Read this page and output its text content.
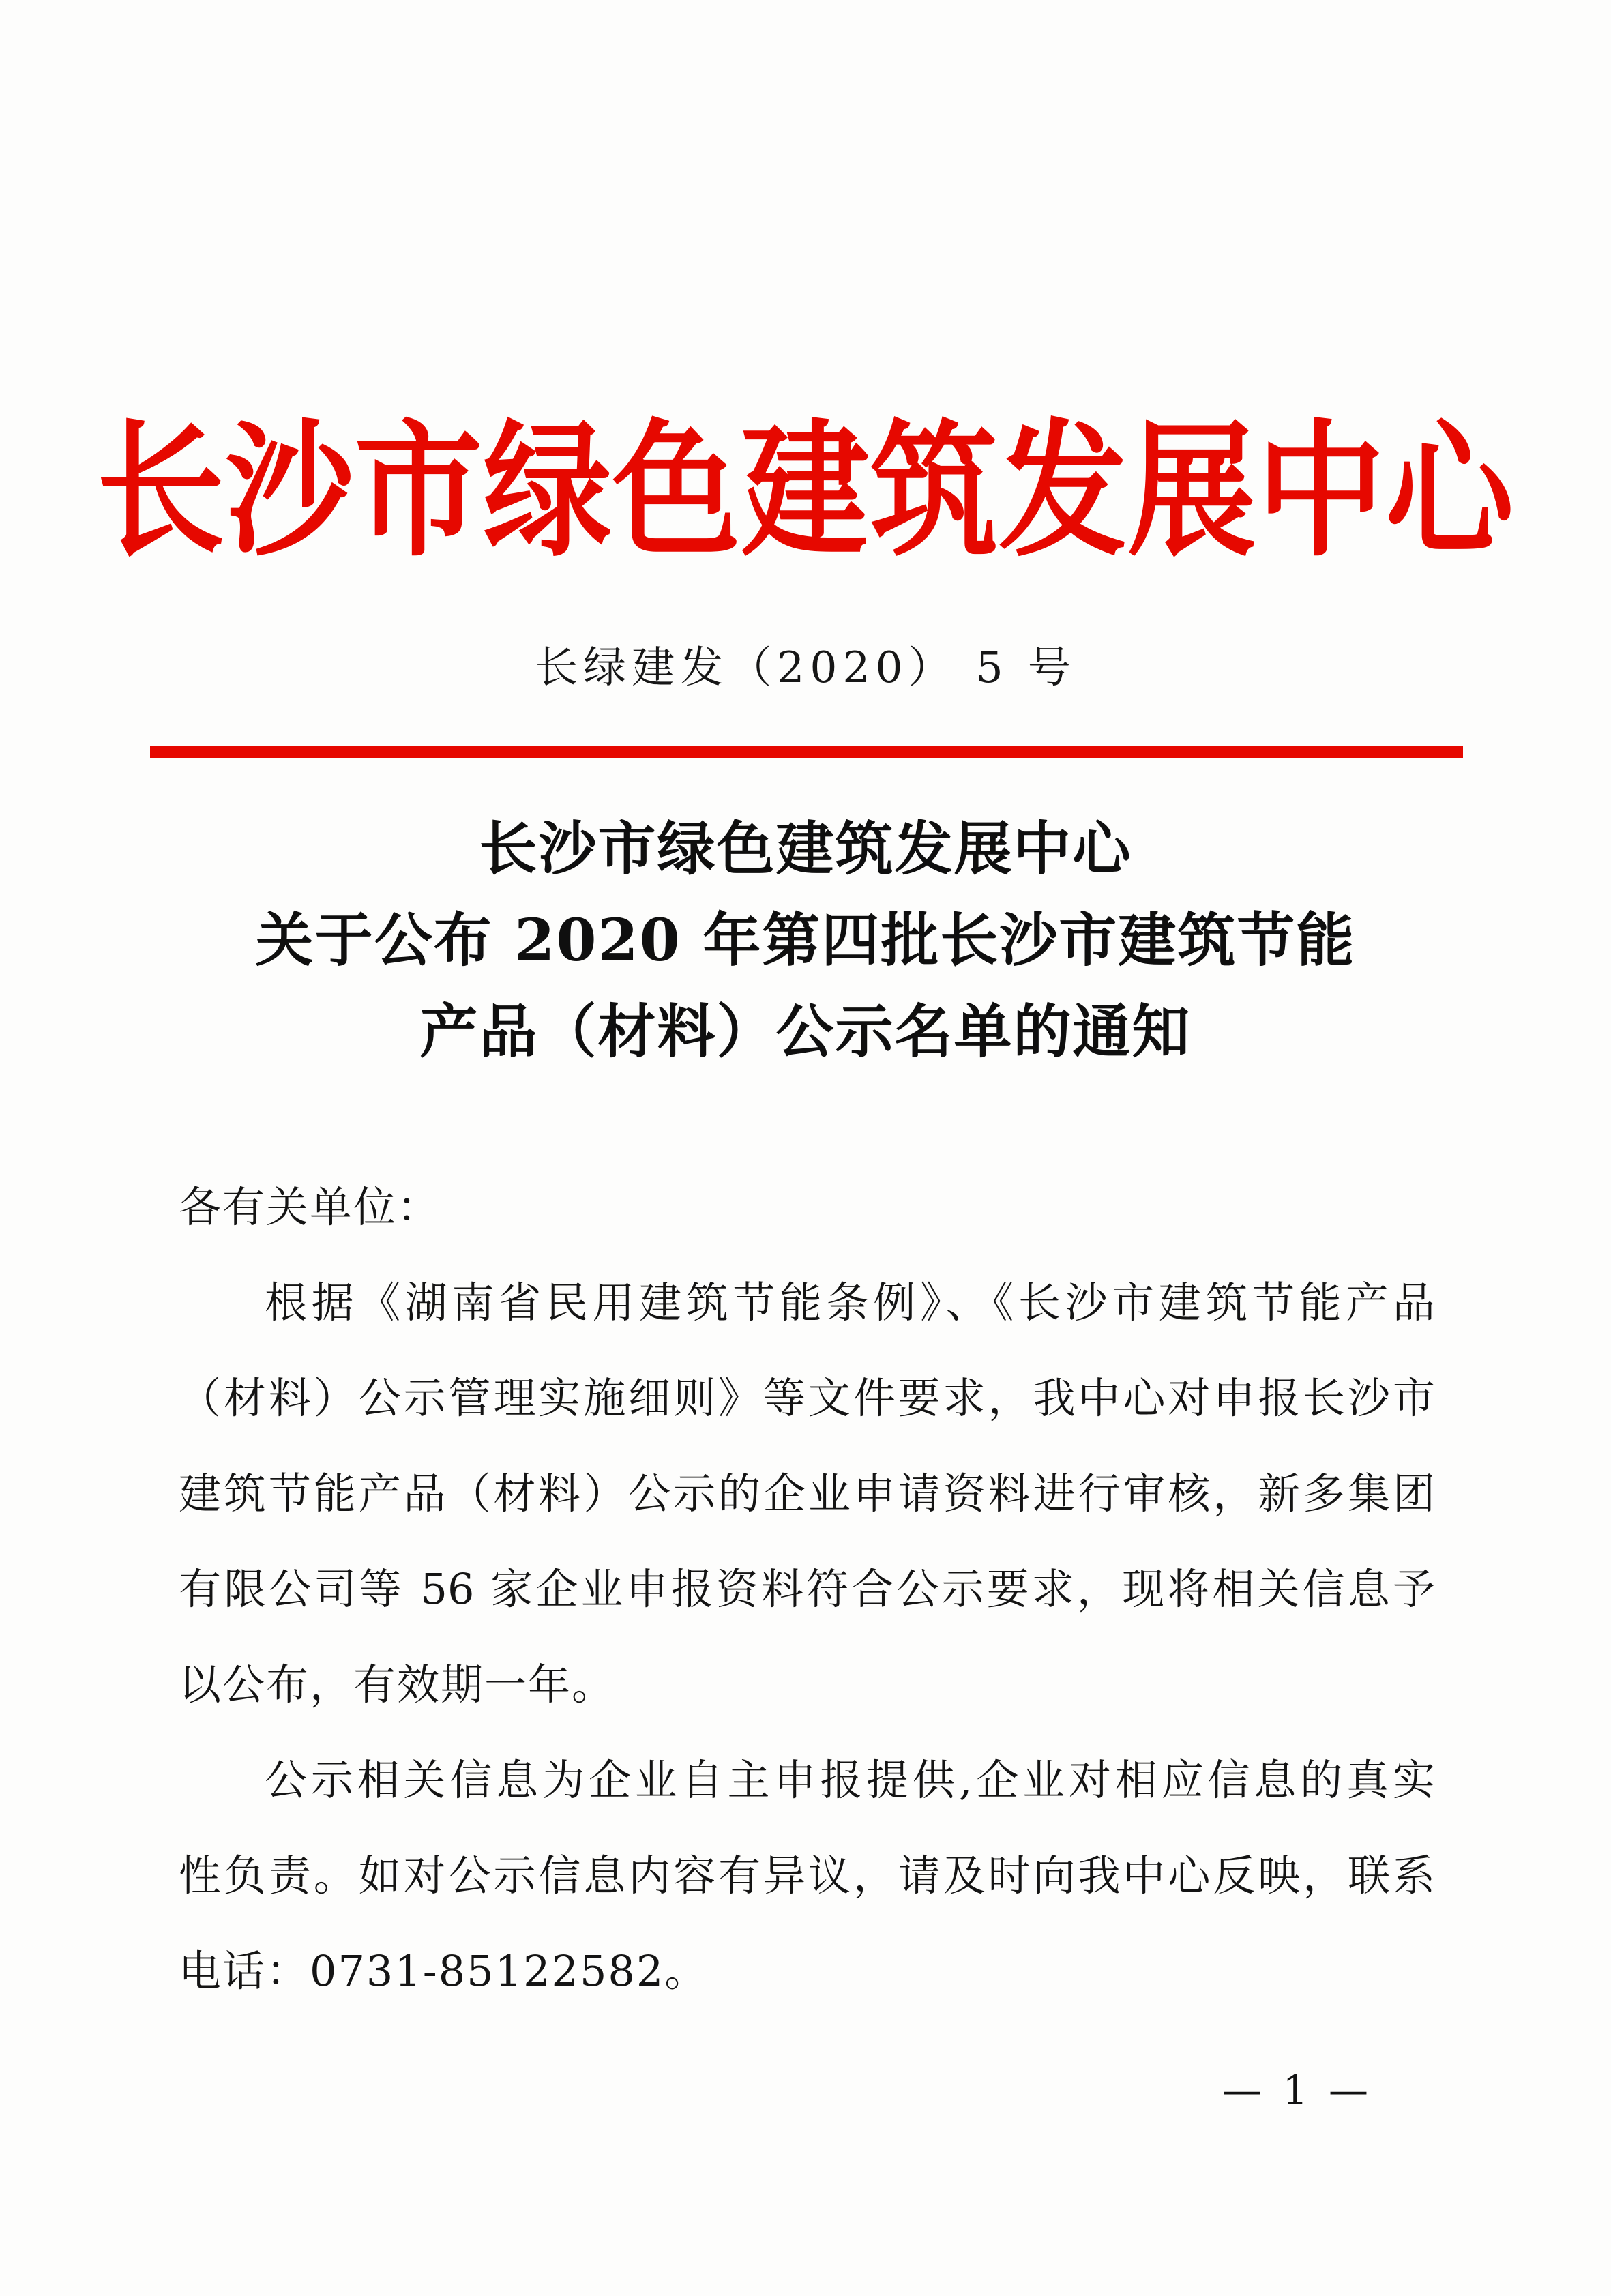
长沙市绿色建筑发展中心
长绿建发（2020） 5 号
长沙市绿色建筑发展中心
关于公布 2020 年第四批长沙市建筑节能
产品（材料）公示名单的通知
各有关单位：
根据《湖南省民用建筑节能条例》、《长沙市建筑节能产品
（材料）公示管理实施细则》等文件要求，我中心对申报长沙市
建筑节能产品（材料）公示的企业申请资料进行审核，新多集团
有限公司等 56 家企业申报资料符合公示要求，现将相关信息予
以公布，有效期一年。
公示相关信息为企业自主申报提供,企业对相应信息的真实
性负责。如对公示信息内容有异议，请及时向我中心反映，联系
电话：0731-85122582。
— 1 —
